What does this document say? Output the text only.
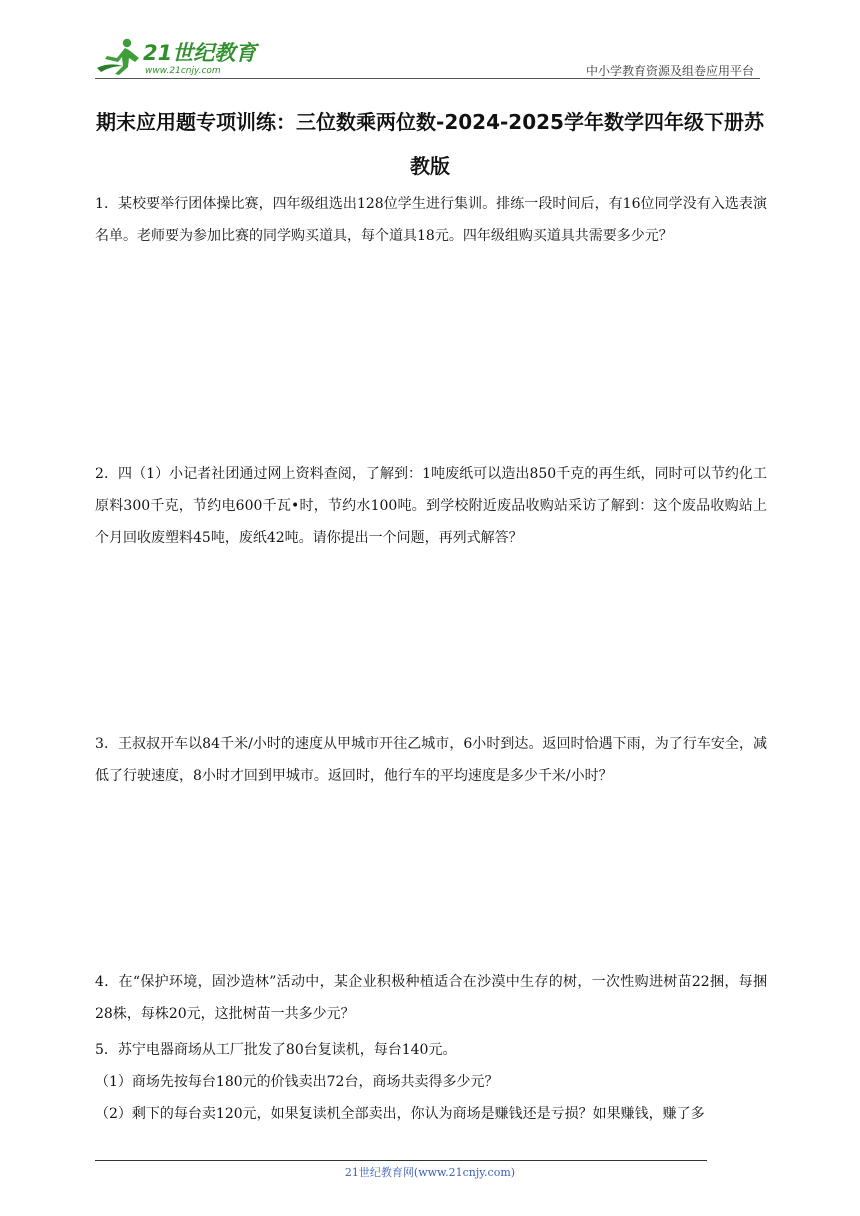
21世纪教育
www.21cnjy.com	中小学教育资源及组卷应用平台
期末应用题专项训练：三位数乘两位数-2024-2025学年数学四年级下册苏教版
1．某校要举行团体操比赛，四年级组选出128位学生进行集训。排练一段时间后，有16位同学没有入选表演名单。老师要为参加比赛的同学购买道具，每个道具18元。四年级组购买道具共需要多少元？
2．四（1）小记者社团通过网上资料查阅，了解到：1吨废纸可以造出850千克的再生纸，同时可以节约化工原料300千克，节约电600千瓦•时，节约水100吨。到学校附近废品收购站采访了解到：这个废品收购站上个月回收废塑料45吨，废纸42吨。请你提出一个问题，再列式解答？
3．王叔叔开车以84千米/小时的速度从甲城市开往乙城市，6小时到达。返回时恰遇下雨，为了行车安全，减低了行驶速度，8小时才回到甲城市。返回时，他行车的平均速度是多少千米/小时？
4．在“保护环境，固沙造林”活动中，某企业积极种植适合在沙漠中生存的树，一次性购进树苗22捆，每捆28株，每株20元，这批树苗一共多少元？

5．苏宁电器商场从工厂批发了80台复读机，每台140元。

（1）商场先按每台180元的价钱卖出72台，商场共卖得多少元？

（2）剩下的每台卖120元，如果复读机全部卖出，你认为商场是赚钱还是亏损？如果赚钱，赚了多

21世纪教育网(www.21cnjy.com)
